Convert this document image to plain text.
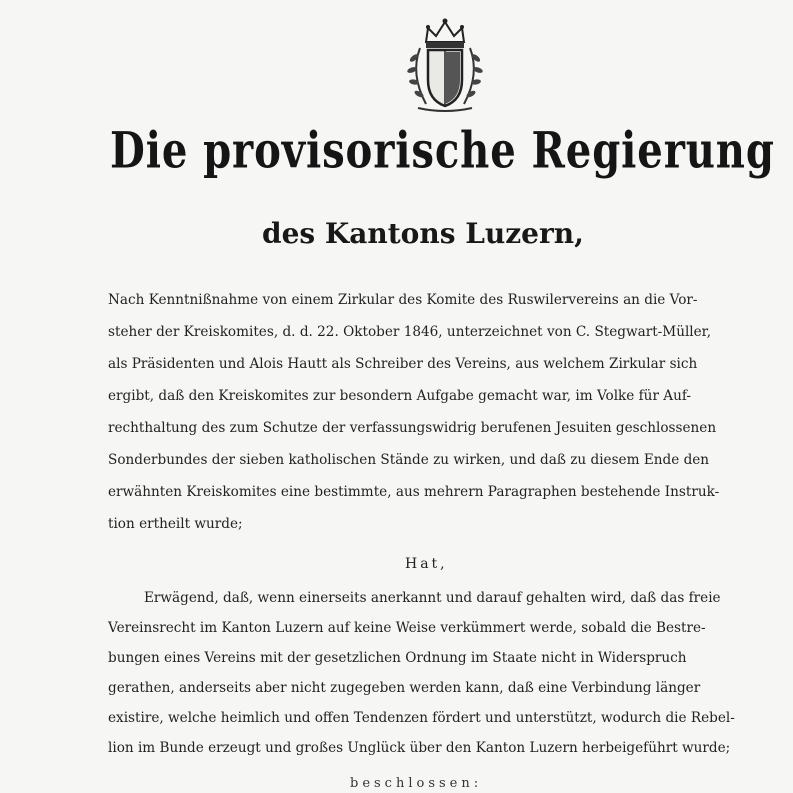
Die provisorische Regierung
des Kantons Luzern,
Nach Kenntnißnahme von einem Zirkular des Komite des Ruswilervereins an die Vor-
steher der Kreiskomites, d. d. 22. Oktober 1846, unterzeichnet von C. Stegwart-Müller,
als Präsidenten und Alois Hautt als Schreiber des Vereins, aus welchem Zirkular sich
ergibt, daß den Kreiskomites zur besondern Aufgabe gemacht war, im Volke für Auf-
rechthaltung des zum Schutze der verfassungswidrig berufenen Jesuiten geschlossenen
Sonderbundes der sieben katholischen Stände zu wirken, und daß zu diesem Ende den
erwähnten Kreiskomites eine bestimmte, aus mehrern Paragraphen bestehende Instruk-
tion ertheilt wurde;
Hat,
Erwägend, daß, wenn einerseits anerkannt und darauf gehalten wird, daß das freie
Vereinsrecht im Kanton Luzern auf keine Weise verkümmert werde, sobald die Bestre-
bungen eines Vereins mit der gesetzlichen Ordnung im Staate nicht in Widerspruch
gerathen, anderseits aber nicht zugegeben werden kann, daß eine Verbindung länger
existire, welche heimlich und offen Tendenzen fördert und unterstützt, wodurch die Rebel-
lion im Bunde erzeugt und großes Unglück über den Kanton Luzern herbeigeführt wurde;
beschlossen:
